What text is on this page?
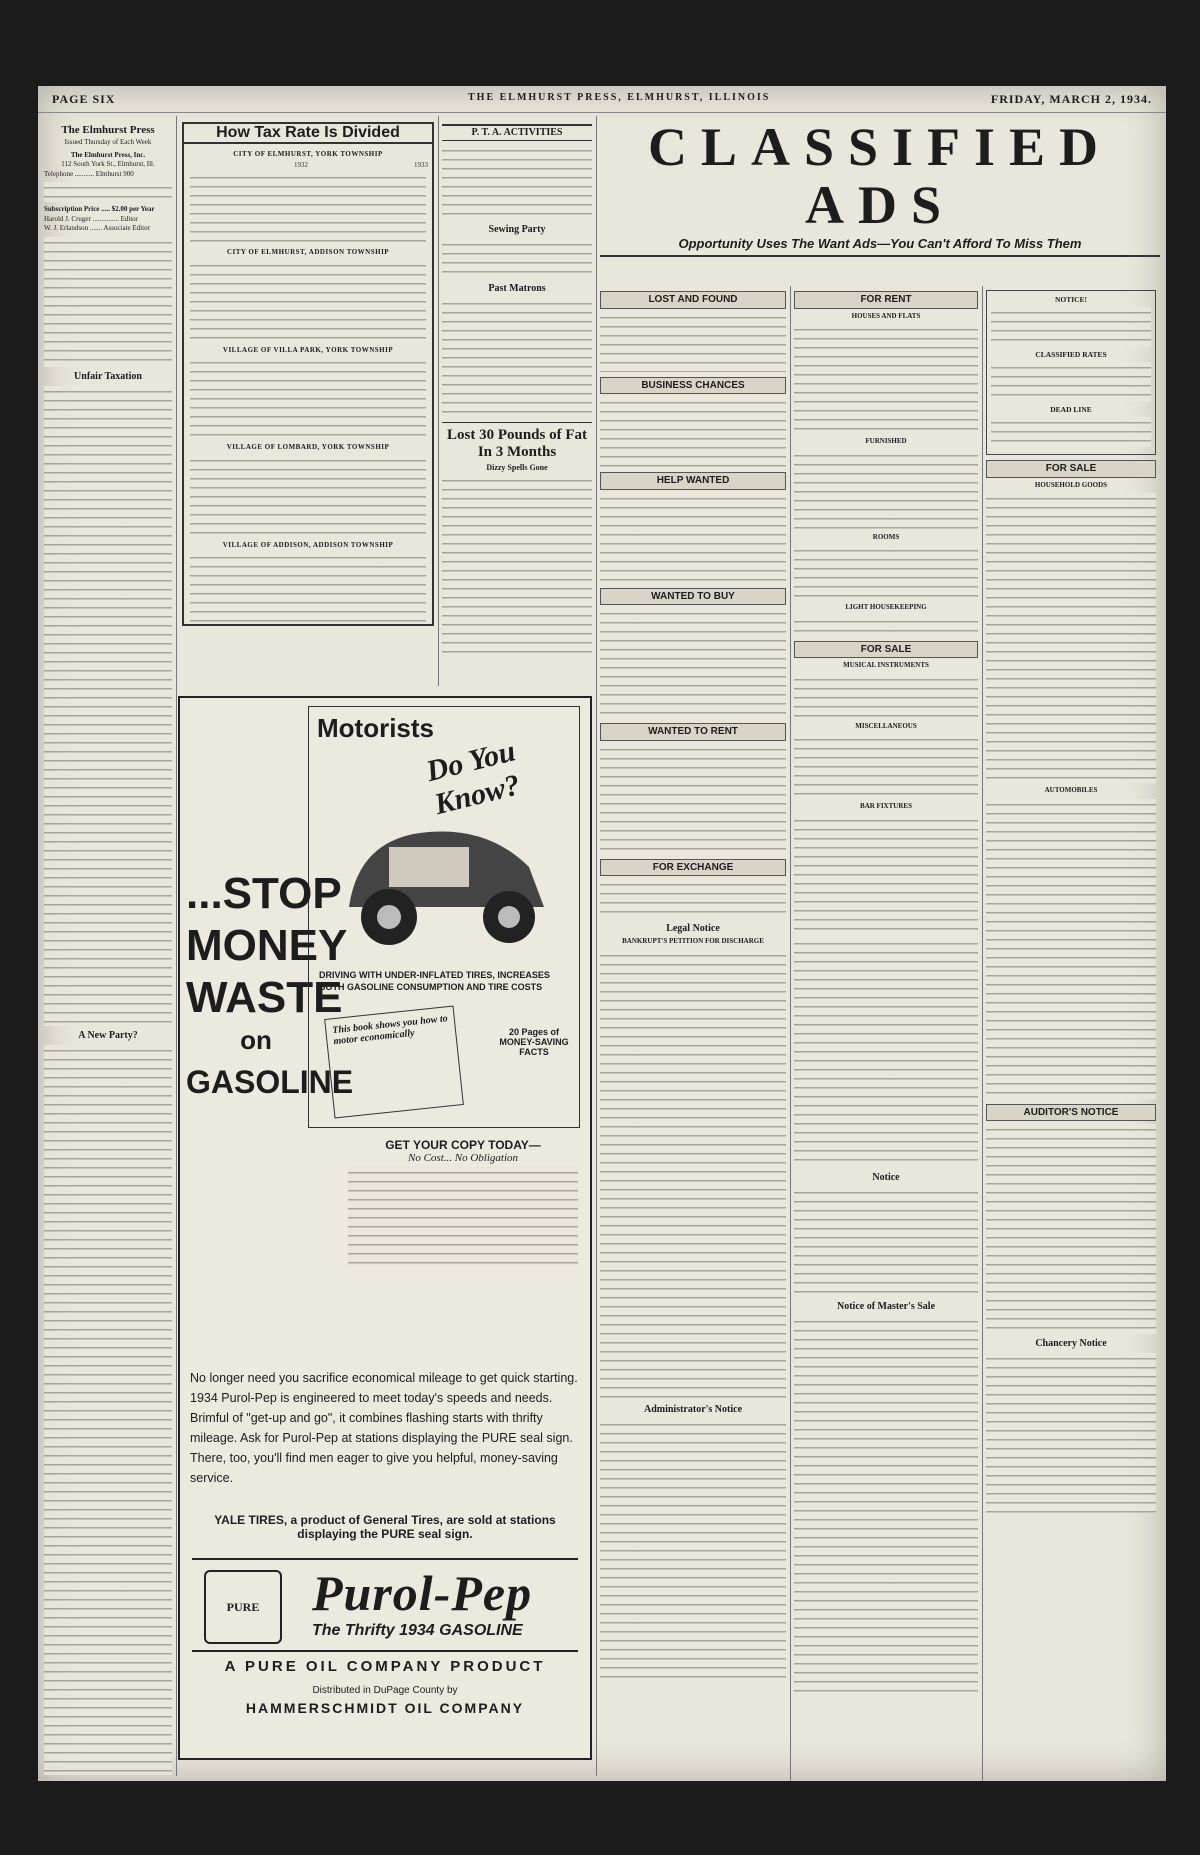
PAGE SIX	THE ELMHURST PRESS, ELMHURST, ILLINOIS	FRIDAY, MARCH 2, 1934.
The Elmhurst Press
Issued Thursday of Each Week
The Elmhurst Press, Inc.
112 South York St., Elmhurst, Ill.
Telephone ........... Elmhurst 900
Subscription Price ..... $2.00 per Year
Harold J. Cruger ............... Editor
W. J. Erlandson ....... Associate Editor
Unfair Taxation
A New Party?
How Tax Rate Is Divided
CITY OF ELMHURST, YORK TOWNSHIP
1932	1933
CITY OF ELMHURST, ADDISON TOWNSHIP
VILLAGE OF VILLA PARK, YORK TOWNSHIP
VILLAGE OF LOMBARD, YORK TOWNSHIP
VILLAGE OF ADDISON, ADDISON TOWNSHIP
P. T. A. ACTIVITIES
Sewing Party
Past Matrons
Lost 30 Pounds of Fat In 3 Months
Dizzy Spells Gone
Motorists
Do You Know?
DRIVING WITH UNDER-INFLATED TIRES, INCREASES BOTH GASOLINE CONSUMPTION AND TIRE COSTS
This book shows you how to motor economically	20 Pages of MONEY-SAVING FACTS
...STOP
MONEY
WASTE
on
GASOLINE
GET YOUR COPY TODAY—
No Cost... No Obligation
No longer need you sacrifice economical mileage to get quick starting. 1934 Purol-Pep is engineered to meet today's speeds and needs. Brimful of "get-up and go", it combines flashing starts with thrifty mileage. Ask for Purol-Pep at stations displaying the PURE seal sign. There, too, you'll find men eager to give you helpful, money-saving service.
YALE TIRES, a product of General Tires, are sold at stations displaying the PURE seal sign.
PURE	Purol-Pep
The Thrifty 1934 GASOLINE
A PURE OIL COMPANY PRODUCT
Distributed in DuPage County by
HAMMERSCHMIDT OIL COMPANY
CLASSIFIED ADS
Opportunity Uses The Want Ads—You Can't Afford To Miss Them
LOST AND FOUND
BUSINESS CHANCES
HELP WANTED
WANTED TO BUY
WANTED TO RENT
FOR EXCHANGE
Legal Notice
BANKRUPT'S PETITION FOR DISCHARGE
Administrator's Notice
FOR RENT
HOUSES AND FLATS
FURNISHED
ROOMS
LIGHT HOUSEKEEPING
FOR SALE
MUSICAL INSTRUMENTS
MISCELLANEOUS
BAR FIXTURES
Notice
Notice of Master's Sale
NOTICE!
CLASSIFIED RATES
DEAD LINE
FOR SALE
HOUSEHOLD GOODS
AUTOMOBILES
AUDITOR'S NOTICE
Chancery Notice
